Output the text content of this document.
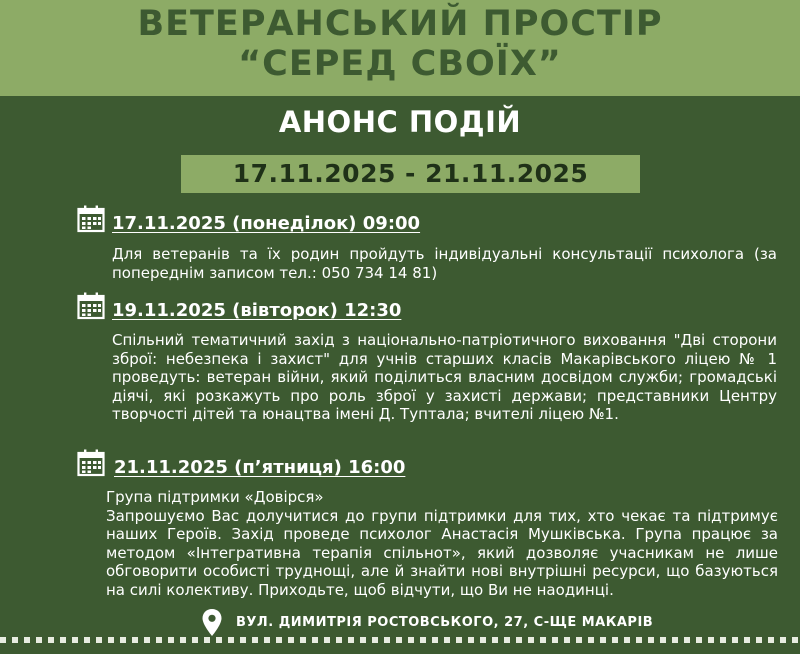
ВЕТЕРАНСЬКИЙ ПРОСТІР
“СЕРЕД СВОЇХ”
АНОНС ПОДІЙ
17.11.2025 - 21.11.2025
17.11.2025 (понеділок) 09:00

Для ветеранів та їх родин пройдуть індивідуальні консультації психолога (за попереднім записом тел.: 050 734 14 81)

19.11.2025 (вівторок) 12:30

Спільний тематичний захід з національно-патріотичного виховання "Дві сторони зброї: небезпека і захист" для учнів старших класів Макарівського ліцею № 1 проведуть: ветеран війни, який поділиться власним досвідом служби; громадські діячі, які розкажуть про роль зброї у захисті держави; представники Центру творчості дітей та юнацтва імені Д. Туптала; вчителі ліцею №1.

21.11.2025 (п’ятниця) 16:00

Група підтримки «Довірся»

Запрошуємо Вас долучитися до групи підтримки для тих, хто чекає та підтримує наших Героїв. Захід проведе психолог Анастасія Мушківська. Група працює за методом «Інтегративна терапія спільнот», який дозволяє учасникам не лише обговорити особисті труднощі, але й знайти нові внутрішні ресурси, що базуються на силі колективу. Приходьте, щоб відчути, що Ви не наодинці.

ВУЛ. ДИМИТРІЯ РОСТОВСЬКОГО, 27, С-ЩЕ МАКАРІВ
